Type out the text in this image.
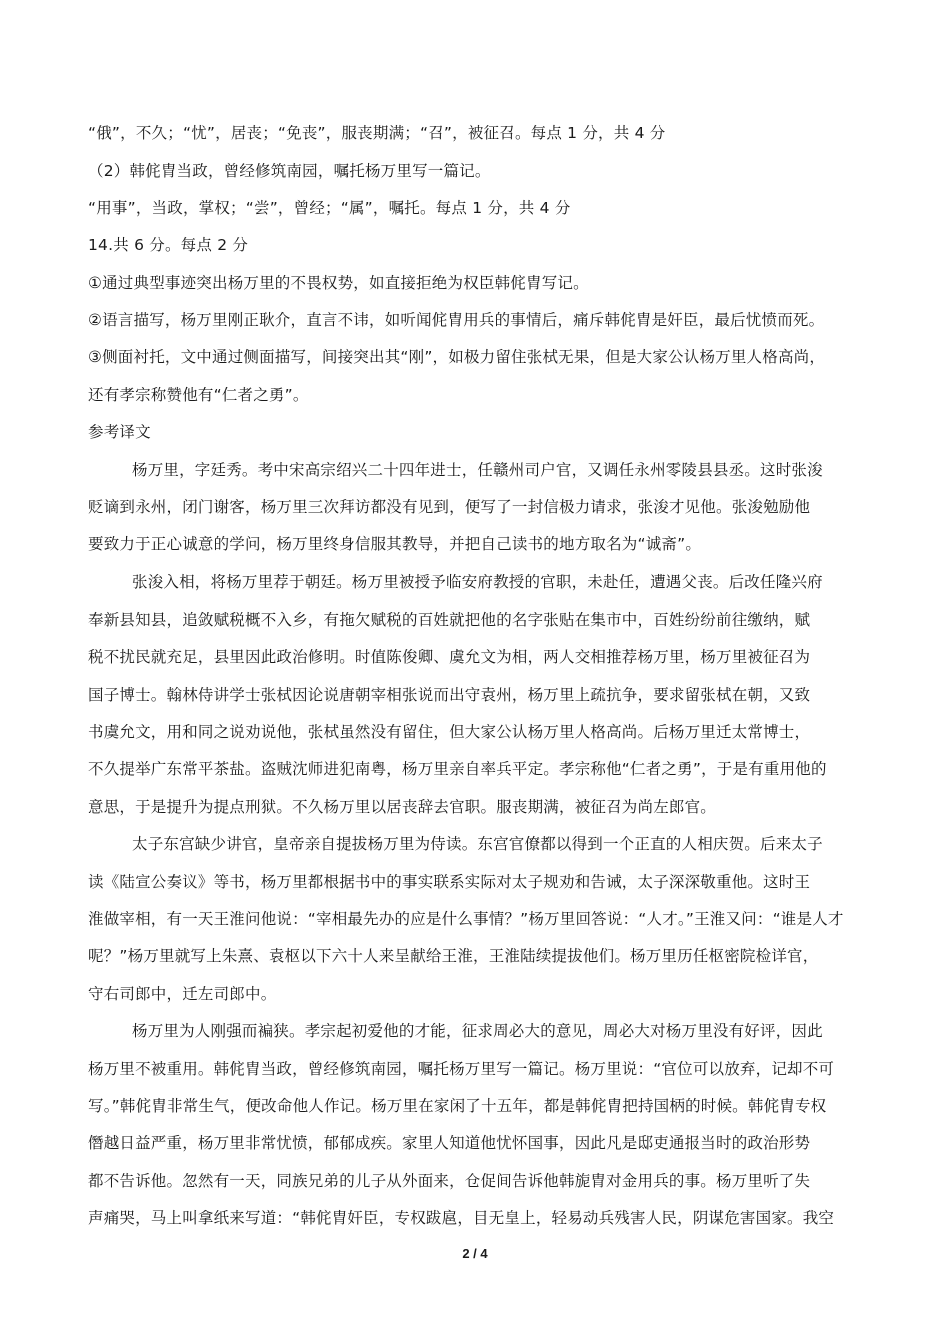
“俄”，不久；“忧”，居丧；“免丧”，服丧期满；“召”，被征召。每点 1 分，共 4 分

（2）韩侂胄当政，曾经修筑南园，嘱托杨万里写一篇记。

“用事”，当政，掌权；“尝”，曾经；“属”，嘱托。每点 1 分，共 4 分

14.共 6 分。每点 2 分

①通过典型事迹突出杨万里的不畏权势，如直接拒绝为权臣韩侂胄写记。

②语言描写，杨万里刚正耿介，直言不讳，如听闻侂胄用兵的事情后，痛斥韩侂胄是奸臣，最后忧愤而死。

③侧面衬托，文中通过侧面描写，间接突出其“刚”，如极力留住张栻无果，但是大家公认杨万里人格高尚，

还有孝宗称赞他有“仁者之勇”。

参考译文

杨万里，字廷秀。考中宋高宗绍兴二十四年进士，任赣州司户官，又调任永州零陵县县丞。这时张浚

贬谪到永州，闭门谢客，杨万里三次拜访都没有见到，便写了一封信极力请求，张浚才见他。张浚勉励他

要致力于正心诚意的学问，杨万里终身信服其教导，并把自己读书的地方取名为“诚斋”。

张浚入相，将杨万里荐于朝廷。杨万里被授予临安府教授的官职，未赴任，遭遇父丧。后改任隆兴府

奉新县知县，追敛赋税概不入乡，有拖欠赋税的百姓就把他的名字张贴在集市中，百姓纷纷前往缴纳，赋

税不扰民就充足，县里因此政治修明。时值陈俊卿、虞允文为相，两人交相推荐杨万里，杨万里被征召为

国子博士。翰林侍讲学士张栻因论说唐朝宰相张说而出守袁州，杨万里上疏抗争，要求留张栻在朝，又致

书虞允文，用和同之说劝说他，张栻虽然没有留住，但大家公认杨万里人格高尚。后杨万里迁太常博士，

不久提举广东常平茶盐。盗贼沈师进犯南粤，杨万里亲自率兵平定。孝宗称他“仁者之勇”，于是有重用他的

意思，于是提升为提点刑狱。不久杨万里以居丧辞去官职。服丧期满，被征召为尚左郎官。

太子东宫缺少讲官，皇帝亲自提拔杨万里为侍读。东宫官僚都以得到一个正直的人相庆贺。后来太子

读《陆宣公奏议》等书，杨万里都根据书中的事实联系实际对太子规劝和告诫，太子深深敬重他。这时王

淮做宰相，有一天王淮问他说：“宰相最先办的应是什么事情？”杨万里回答说：“人才。”王淮又问：“谁是人才

呢？”杨万里就写上朱熹、袁枢以下六十人来呈献给王淮，王淮陆续提拔他们。杨万里历任枢密院检详官，

守右司郎中，迁左司郎中。

杨万里为人刚强而褊狭。孝宗起初爱他的才能，征求周必大的意见，周必大对杨万里没有好评，因此

杨万里不被重用。韩侂胄当政，曾经修筑南园，嘱托杨万里写一篇记。杨万里说：“官位可以放弃，记却不可

写。”韩侂胄非常生气，便改命他人作记。杨万里在家闲了十五年，都是韩侂胄把持国柄的时候。韩侂胄专权

僭越日益严重，杨万里非常忧愤，郁郁成疾。家里人知道他忧怀国事，因此凡是邸吏通报当时的政治形势

都不告诉他。忽然有一天，同族兄弟的儿子从外面来，仓促间告诉他韩旎胄对金用兵的事。杨万里听了失

声痛哭，马上叫拿纸来写道：“韩侂胄奸臣，专权跋扈，目无皇上，轻易动兵残害人民，阴谋危害国家。我空

2 / 4
